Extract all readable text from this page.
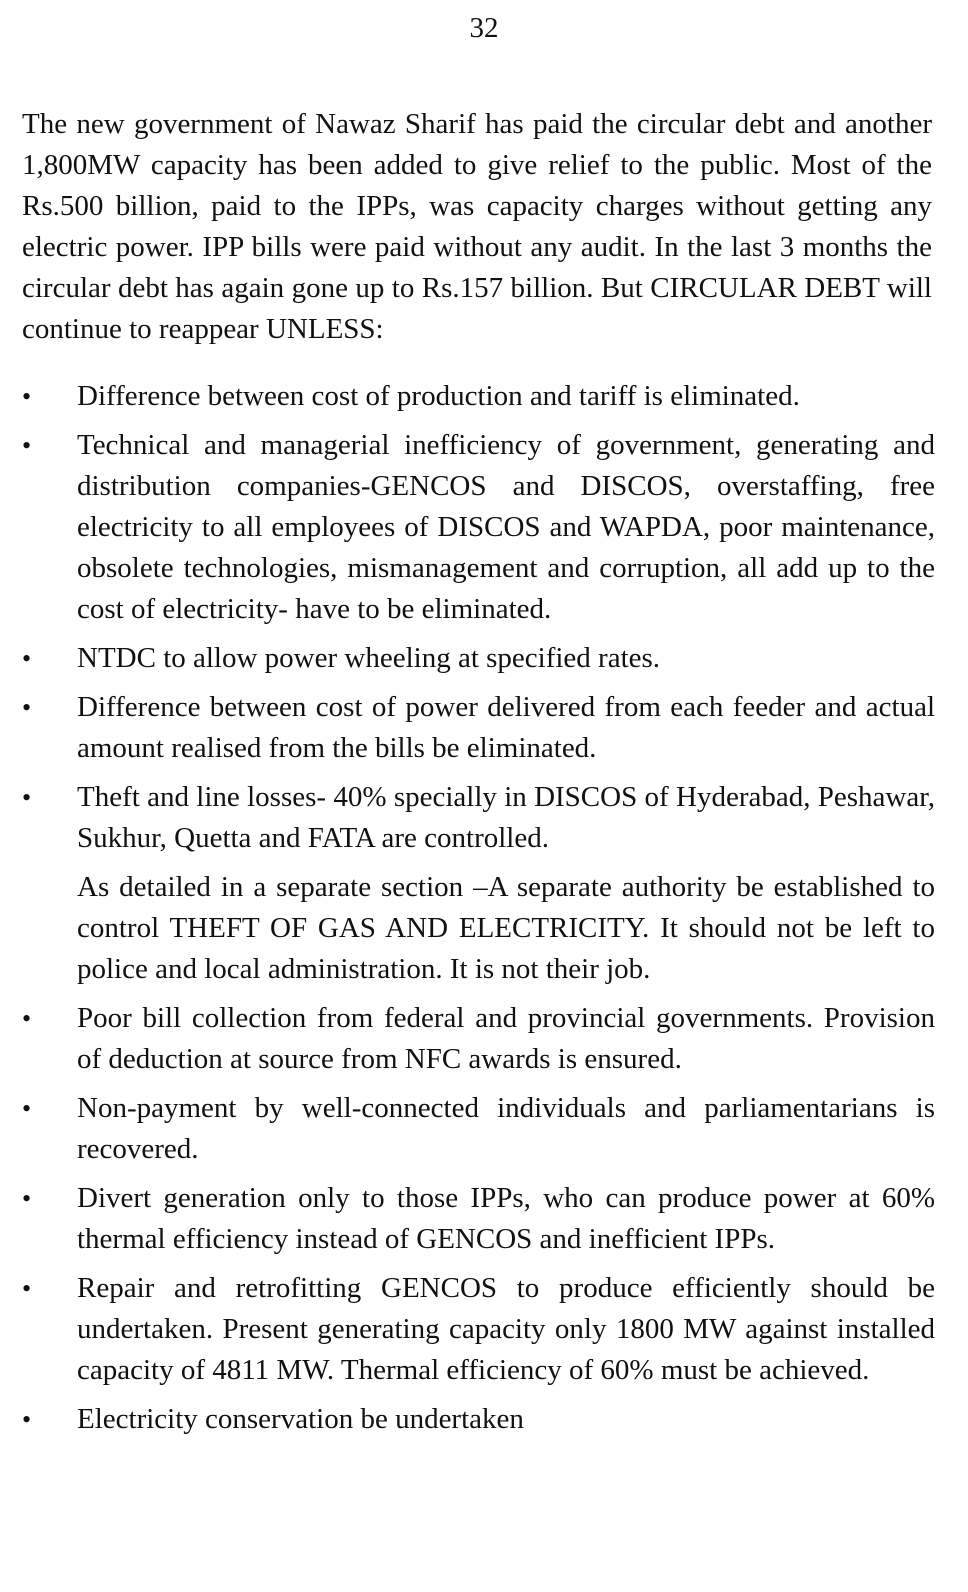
32

The new government of Nawaz Sharif has paid the circular debt and another 1,800MW capacity has been added to give relief to the public. Most of the Rs.500 billion, paid to the IPPs, was capacity charges without getting any electric power. IPP bills were paid without any audit. In the last 3 months the circular debt has again gone up to Rs.157 billion. But CIRCULAR DEBT will continue to reappear UNLESS:

• Difference between cost of production and tariff is eliminated.
• Technical and managerial inefficiency of government, generating and distribution companies-GENCOS and DISCOS, overstaffing, free electricity to all employees of DISCOS and WAPDA, poor maintenance, obsolete technologies, mismanagement and corruption, all add up to the cost of electricity- have to be eliminated.
• NTDC to allow power wheeling at specified rates.
• Difference between cost of power delivered from each feeder and actual amount realised from the bills be eliminated.
• Theft and line losses- 40% specially in DISCOS of Hyderabad, Peshawar, Sukhur, Quetta and FATA are controlled.
As detailed in a separate section –A separate authority be established to control THEFT OF GAS AND ELECTRICITY. It should not be left to police and local administration. It is not their job.
• Poor bill collection from federal and provincial governments. Provision of deduction at source from NFC awards is ensured.
• Non-payment by well-connected individuals and parliamentarians is recovered.
• Divert generation only to those IPPs, who can produce power at 60% thermal efficiency instead of GENCOS and inefficient IPPs.
• Repair and retrofitting GENCOS to produce efficiently should be undertaken. Present generating capacity only 1800 MW against installed capacity of 4811 MW. Thermal efficiency of 60% must be achieved.
• Electricity conservation be undertaken
